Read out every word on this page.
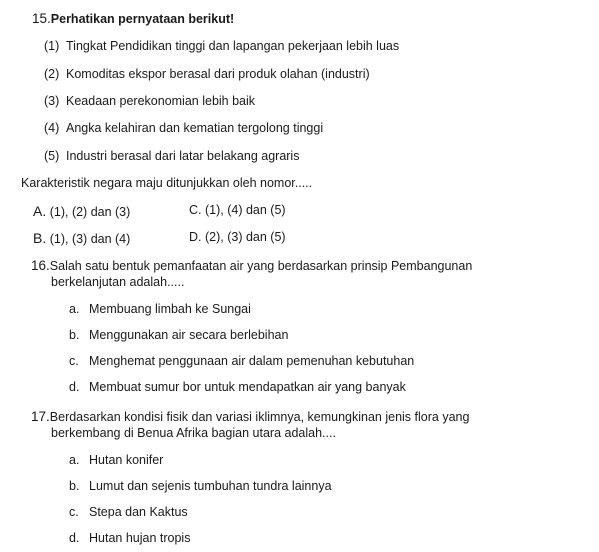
15.Perhatikan pernyataan berikut!
(1) Tingkat Pendidikan tinggi dan lapangan pekerjaan lebih luas
(2) Komoditas ekspor berasal dari produk olahan (industri)
(3) Keadaan perekonomian lebih baik
(4) Angka kelahiran dan kematian tergolong tinggi
(5) Industri berasal dari latar belakang agraris
Karakteristik negara maju ditunjukkan oleh nomor.....
A. (1), (2) dan (3)	C. (1), (4) dan (5)
B. (1), (3) dan (4)	D. (2), (3) dan (5)
16.Salah satu bentuk pemanfaatan air yang berdasarkan prinsip Pembangunan
berkelanjutan adalah.....
a. Membuang limbah ke Sungai
b. Menggunakan air secara berlebihan
c. Menghemat penggunaan air dalam pemenuhan kebutuhan
d. Membuat sumur bor untuk mendapatkan air yang banyak
17.Berdasarkan kondisi fisik dan variasi iklimnya, kemungkinan jenis flora yang
berkembang di Benua Afrika bagian utara adalah....
a. Hutan konifer
b. Lumut dan sejenis tumbuhan tundra lainnya
c. Stepa dan Kaktus
d. Hutan hujan tropis
